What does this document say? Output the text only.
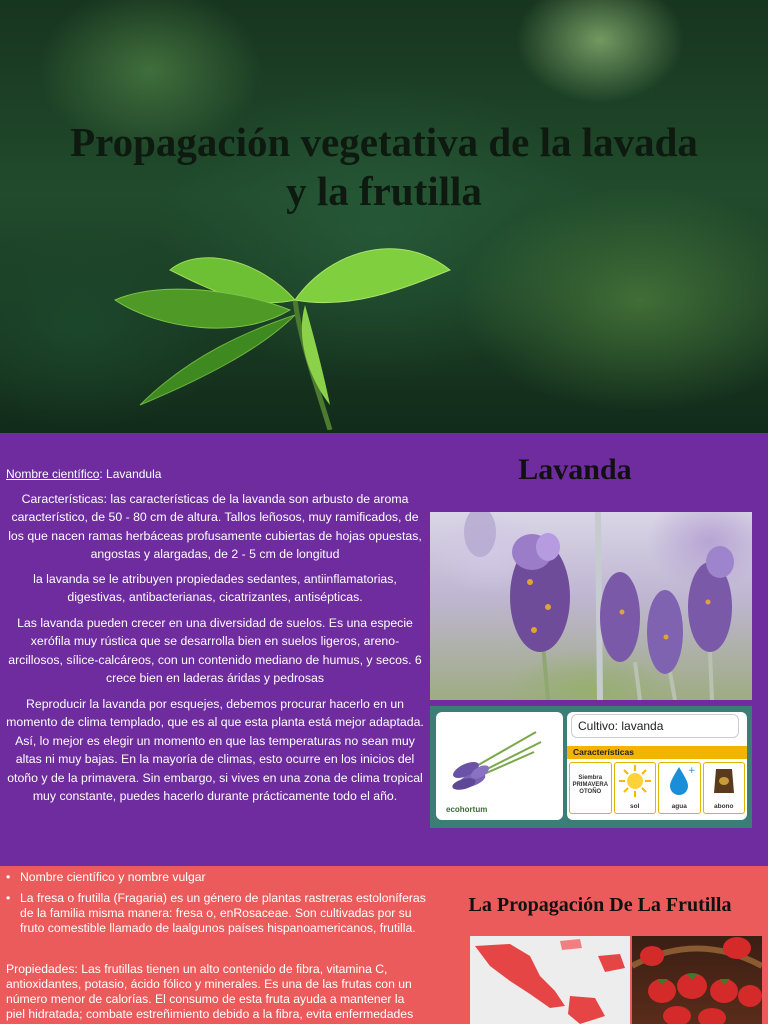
Propagación vegetativa de la lavada y la frutilla
Nombre científico: Lavandula

Características: las características de la lavanda son arbusto de aroma característico, de 50 - 80 cm de altura. Tallos leñosos, muy ramificados, de los que nacen ramas herbáceas profusamente cubiertas de hojas opuestas, angostas y alargadas, de 2 - 5 cm de longitud

la lavanda se le atribuyen propiedades sedantes, antiinflamatorias, digestivas, antibacterianas, cicatrizantes, antisépticas.

Las lavanda pueden crecer en una diversidad de suelos. Es una especie xerófila muy rústica que se desarrolla bien en suelos ligeros, areno-arcillosos, sílice-calcáreos, con un contenido mediano de humus, y secos. 6 crece bien en laderas áridas y pedrosas

Reproducir la lavanda por esquejes, debemos procurar hacerlo en un momento de clima templado, que es al que esta planta está mejor adaptada. Así, lo mejor es elegir un momento en que las temperaturas no sean muy altas ni muy bajas. En la mayoría de climas, esto ocurre en los inicios del otoño y de la primavera. Sin embargo, si vives en una zona de clima tropical muy constante, puedes hacerlo durante prácticamente todo el año.

Lavanda
ecohortum
Cultivo: lavanda
Características
Siembra
PRIMAVERA
OTOÑO
sol
+
agua	abono
• Nombre científico y nombre vulgar
• La fresa o frutilla (Fragaria) es un género de plantas rastreras estoloníferas de la familia misma manera: fresa o, enRosaceae. Son cultivadas por su fruto comestible llamado de laalgunos países hispanoamericanos, frutilla.

Propiedades: Las frutillas tienen un alto contenido de fibra, vitamina C, antioxidantes, potasio, ácido fólico y minerales. Es una de las frutas con un número menor de calorías. El consumo de esta fruta ayuda a mantener la piel hidratada; combate estreñimiento debido a la fibra, evita enfermedades

La Propagación De La Frutilla
